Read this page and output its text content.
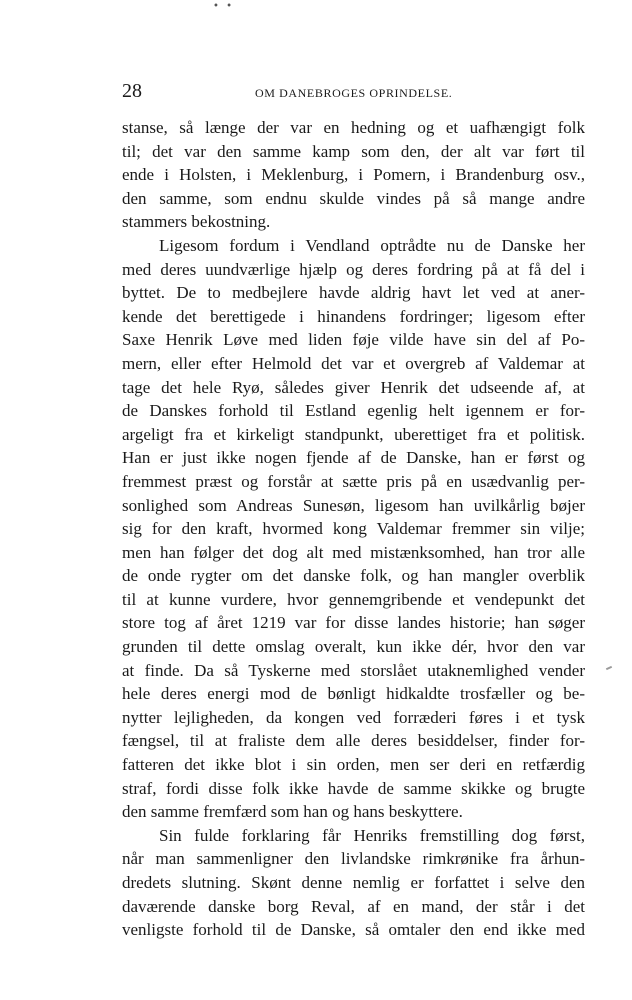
• •
28	OM DANEBROGES OPRINDELSE.
stanse, så længe der var en hedning og et uafhængigt folk
til; det var den samme kamp som den, der alt var ført til
ende i Holsten, i Meklenburg, i Pomern, i Brandenburg osv.,
den samme, som endnu skulde vindes på så mange andre
stammers bekostning.
Ligesom fordum i Vendland optrådte nu de Danske her
med deres uundværlige hjælp og deres fordring på at få del i
byttet. De to medbejlere havde aldrig havt let ved at aner-
kende det berettigede i hinandens fordringer; ligesom efter
Saxe Henrik Løve med liden føje vilde have sin del af Po-
mern, eller efter Helmold det var et overgreb af Valdemar at
tage det hele Ryø, således giver Henrik det udseende af, at
de Danskes forhold til Estland egenlig helt igennem er for-
argeligt fra et kirkeligt standpunkt, uberettiget fra et politisk.
Han er just ikke nogen fjende af de Danske, han er først og
fremmest præst og forstår at sætte pris på en usædvanlig per-
sonlighed som Andreas Sunesøn, ligesom han uvilkårlig bøjer
sig for den kraft, hvormed kong Valdemar fremmer sin vilje;
men han følger det dog alt med mistænksomhed, han tror alle
de onde rygter om det danske folk, og han mangler overblik
til at kunne vurdere, hvor gennemgribende et vendepunkt det
store tog af året 1219 var for disse landes historie; han søger
grunden til dette omslag overalt, kun ikke dér, hvor den var
at finde. Da så Tyskerne med storslået utaknemlighed vender
hele deres energi mod de bønligt hidkaldte trosfæller og be-
nytter lejligheden, da kongen ved forræderi føres i et tysk
fængsel, til at fraliste dem alle deres besiddelser, finder for-
fatteren det ikke blot i sin orden, men ser deri en retfærdig
straf, fordi disse folk ikke havde de samme skikke og brugte
den samme fremfærd som han og hans beskyttere.
Sin fulde forklaring får Henriks fremstilling dog først,
når man sammenligner den livlandske rimkrønike fra århun-
dredets slutning. Skønt denne nemlig er forfattet i selve den
daværende danske borg Reval, af en mand, der står i det
venligste forhold til de Danske, så omtaler den end ikke med
